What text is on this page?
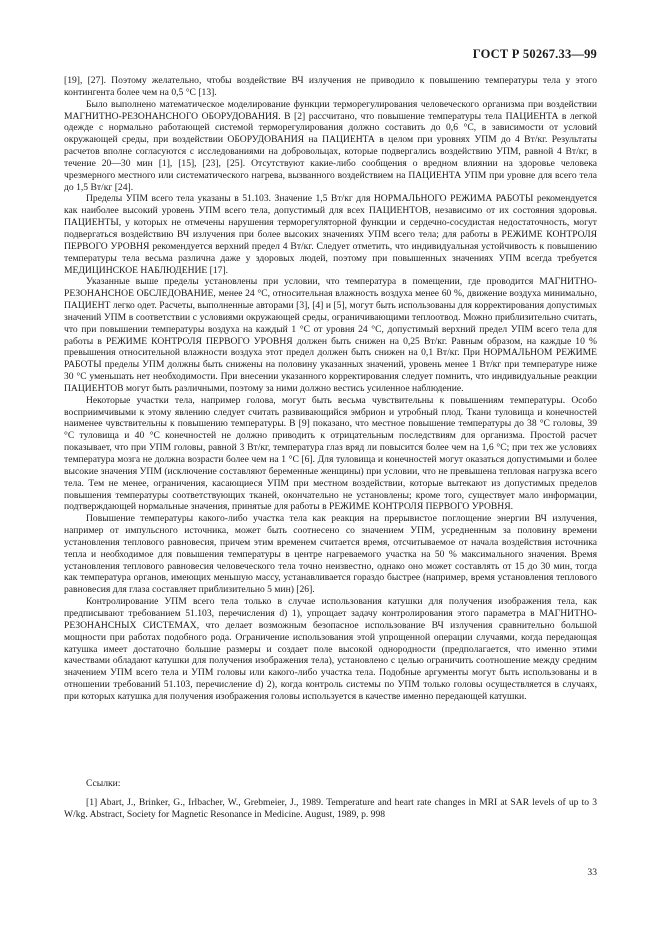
ГОСТ Р 50267.33—99

[19], [27]. Поэтому желательно, чтобы воздействие ВЧ излучения не приводило к повышению температуры тела у этого контингента более чем на 0,5 °С [13].

Было выполнено математическое моделирование функции терморегулирования человеческого организма при воздействии МАГНИТНО-РЕЗОНАНСНОГО ОБОРУДОВАНИЯ. В [2] рассчитано, что повышение температуры тела ПАЦИЕНТА в легкой одежде с нормально работающей системой терморегулирования должно составить до 0,6 °С, в зависимости от условий окружающей среды, при воздействии ОБОРУДОВАНИЯ на ПАЦИЕНТА в целом при уровнях УПМ до 4 Вт/кг. Результаты расчетов вполне согласуются с исследованиями на добровольцах, которые подвергались воздействию УПМ, равной 4 Вт/кг, в течение 20—30 мин [1], [15], [23], [25]. Отсутствуют какие-либо сообщения о вредном влиянии на здоровье человека чрезмерного местного или систематического нагрева, вызванного воздействием на ПАЦИЕНТА УПМ при уровне для всего тела до 1,5 Вт/кг [24].

Пределы УПМ всего тела указаны в 51.103. Значение 1,5 Вт/кг для НОРМАЛЬНОГО РЕЖИМА РАБОТЫ рекомендуется как наиболее высокий уровень УПМ всего тела, допустимый для всех ПАЦИЕНТОВ, независимо от их состояния здоровья. ПАЦИЕНТЫ, у которых не отмечены нарушения терморегуляторной функции и сердечно-сосудистая недостаточность, могут подвергаться воздействию ВЧ излучения при более высоких значениях УПМ всего тела; для работы в РЕЖИМЕ КОНТРОЛЯ ПЕРВОГО УРОВНЯ рекомендуется верхний предел 4 Вт/кг. Следует отметить, что индивидуальная устойчивость к повышению температуры тела весьма различна даже у здоровых людей, поэтому при повышенных значениях УПМ всегда требуется МЕДИЦИНСКОЕ НАБЛЮДЕНИЕ [17].

Указанные выше пределы установлены при условии, что температура в помещении, где проводится МАГНИТНО-РЕЗОНАНСНОЕ ОБСЛЕДОВАНИЕ, менее 24 °С, относительная влажность воздуха менее 60 %, движение воздуха минимально, ПАЦИЕНТ легко одет. Расчеты, выполненные авторами [3], [4] и [5], могут быть использованы для корректирования допустимых значений УПМ в соответствии с условиями окружающей среды, ограничивающими теплоотвод. Можно приблизительно считать, что при повышении температуры воздуха на каждый 1 °С от уровня 24 °С, допустимый верхний предел УПМ всего тела для работы в РЕЖИМЕ КОНТРОЛЯ ПЕРВОГО УРОВНЯ должен быть снижен на 0,25 Вт/кг. Равным образом, на каждые 10 % превышения относительной влажности воздуха этот предел должен быть снижен на 0,1 Вт/кг. При НОРМАЛЬНОМ РЕЖИМЕ РАБОТЫ пределы УПМ должны быть снижены на половину указанных значений, уровень менее 1 Вт/кг при температуре ниже 30 °С уменьшать нет необходимости. При внесении указанного корректирования следует помнить, что индивидуальные реакции ПАЦИЕНТОВ могут быть различными, поэтому за ними должно вестись усиленное наблюдение.

Некоторые участки тела, например голова, могут быть весьма чувствительны к повышениям температуры. Особо восприимчивыми к этому явлению следует считать развивающийся эмбрион и утробный плод. Ткани туловища и конечностей наименее чувствительны к повышению температуры. В [9] показано, что местное повышение температуры до 38 °С головы, 39 °С туловища и 40 °С конечностей не должно приводить к отрицательным последствиям для организма. Простой расчет показывает, что при УПМ головы, равной 3 Вт/кг, температура глаз вряд ли повысится более чем на 1,6 °С; при тех же условиях температура мозга не должна возрасти более чем на 1 °С [6]. Для туловища и конечностей могут оказаться допустимыми и более высокие значения УПМ (исключение составляют беременные женщины) при условии, что не превышена тепловая нагрузка всего тела. Тем не менее, ограничения, касающиеся УПМ при местном воздействии, которые вытекают из допустимых пределов повышения температуры соответствующих тканей, окончательно не установлены; кроме того, существует мало информации, подтверждающей нормальные значения, принятые для работы в РЕЖИМЕ КОНТРОЛЯ ПЕРВОГО УРОВНЯ.

Повышение температуры какого-либо участка тела как реакция на прерывистое поглощение энергии ВЧ излучения, например от импульсного источника, может быть соотнесено со значением УПМ, усредненным за половину времени установления теплового равновесия, причем этим временем считается время, отсчитываемое от начала воздействия источника тепла и необходимое для повышения температуры в центре нагреваемого участка на 50 % максимального значения. Время установления теплового равновесия человеческого тела точно неизвестно, однако оно может составлять от 15 до 30 мин, тогда как температура органов, имеющих меньшую массу, устанавливается гораздо быстрее (например, время установления теплового равновесия для глаза составляет приблизительно 5 мин) [26].

Контролирование УПМ всего тела только в случае использования катушки для получения изображения тела, как предписывают требованием 51.103, перечисления d) 1), упрощает задачу контролирования этого параметра в МАГНИТНО-РЕЗОНАНСНЫХ СИСТЕМАХ, что делает возможным безопасное использование ВЧ излучения сравнительно большой мощности при работах подобного рода. Ограничение использования этой упрощенной операции случаями, когда передающая катушка имеет достаточно большие размеры и создает поле высокой однородности (предполагается, что именно этими качествами обладают катушки для получения изображения тела), установлено с целью ограничить соотношение между средним значением УПМ всего тела и УПМ головы или какого-либо участка тела. Подобные аргументы могут быть использованы и в отношении требований 51.103, перечисление d) 2), когда контроль системы по УПМ только головы осуществляется в случаях, при которых катушка для получения изображения головы используется в качестве именно передающей катушки.

Ссылки:
[1] Abart, J., Brinker, G., Irlbacher, W., Grebmeier, J., 1989. Temperature and heart rate changes in MRI at SAR levels of up to 3 W/kg. Abstract, Society for Magnetic Resonance in Medicine. August, 1989, p. 998
33
